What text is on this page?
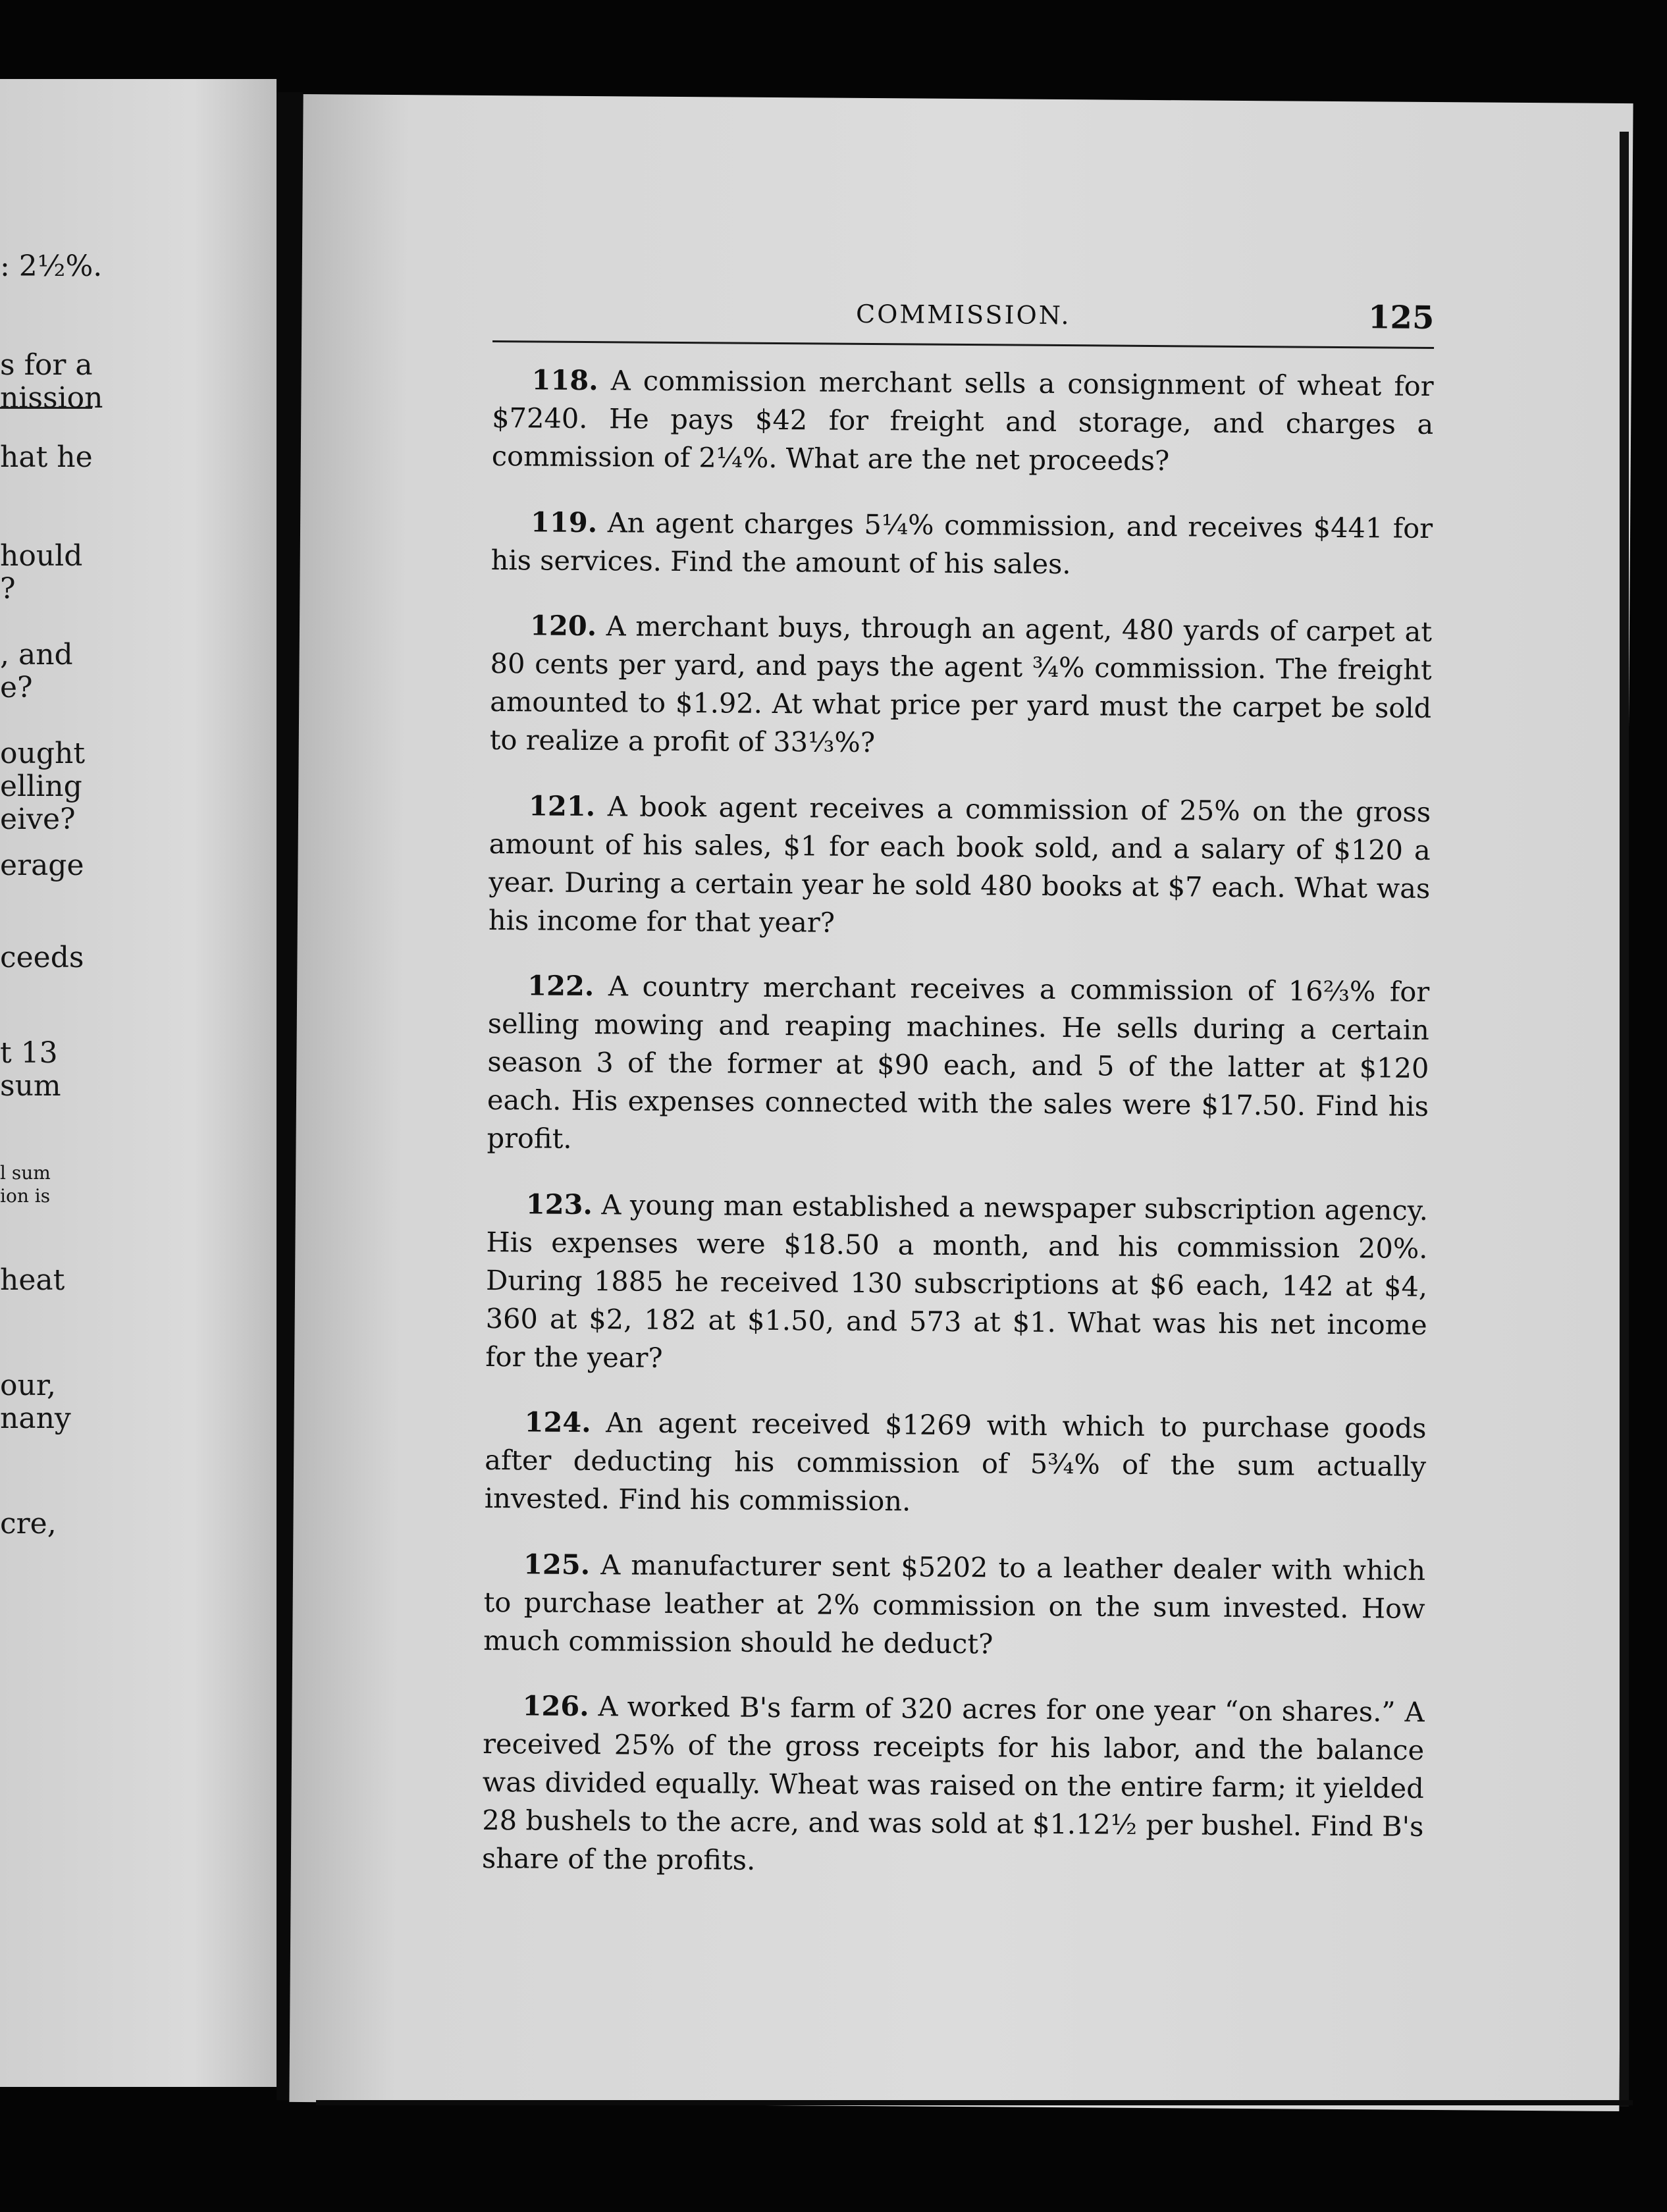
: 2½%.
s for a
nission
hat he
hould
?
, and
e?
ought
elling
eive?
erage
ceeds
t 13
sum
l sum
ion is
heat
our,
nany
cre,
COMMISSION.	125

118. A commission merchant sells a consignment of wheat for $7240. He pays $42 for freight and storage, and charges a commission of 2¼%. What are the net proceeds?

119. An agent charges 5¼% commission, and receives $441 for his services. Find the amount of his sales.

120. A merchant buys, through an agent, 480 yards of carpet at 80 cents per yard, and pays the agent ¾% commission. The freight amounted to $1.92. At what price per yard must the carpet be sold to realize a profit of 33⅓%?

121. A book agent receives a commission of 25% on the gross amount of his sales, $1 for each book sold, and a salary of $120 a year. During a certain year he sold 480 books at $7 each. What was his income for that year?

122. A country merchant receives a commission of 16⅔% for selling mowing and reaping machines. He sells during a certain season 3 of the former at $90 each, and 5 of the latter at $120 each. His expenses connected with the sales were $17.50. Find his profit.

123. A young man established a newspaper subscription agency. His expenses were $18.50 a month, and his commission 20%. During 1885 he received 130 subscriptions at $6 each, 142 at $4, 360 at $2, 182 at $1.50, and 573 at $1. What was his net income for the year?

124. An agent received $1269 with which to purchase goods after deducting his commission of 5¾% of the sum actually invested. Find his commission.

125. A manufacturer sent $5202 to a leather dealer with which to purchase leather at 2% commission on the sum invested. How much commission should he deduct?

126. A worked B's farm of 320 acres for one year “on shares.” A received 25% of the gross receipts for his labor, and the balance was divided equally. Wheat was raised on the entire farm; it yielded 28 bushels to the acre, and was sold at $1.12½ per bushel. Find B's share of the profits.
